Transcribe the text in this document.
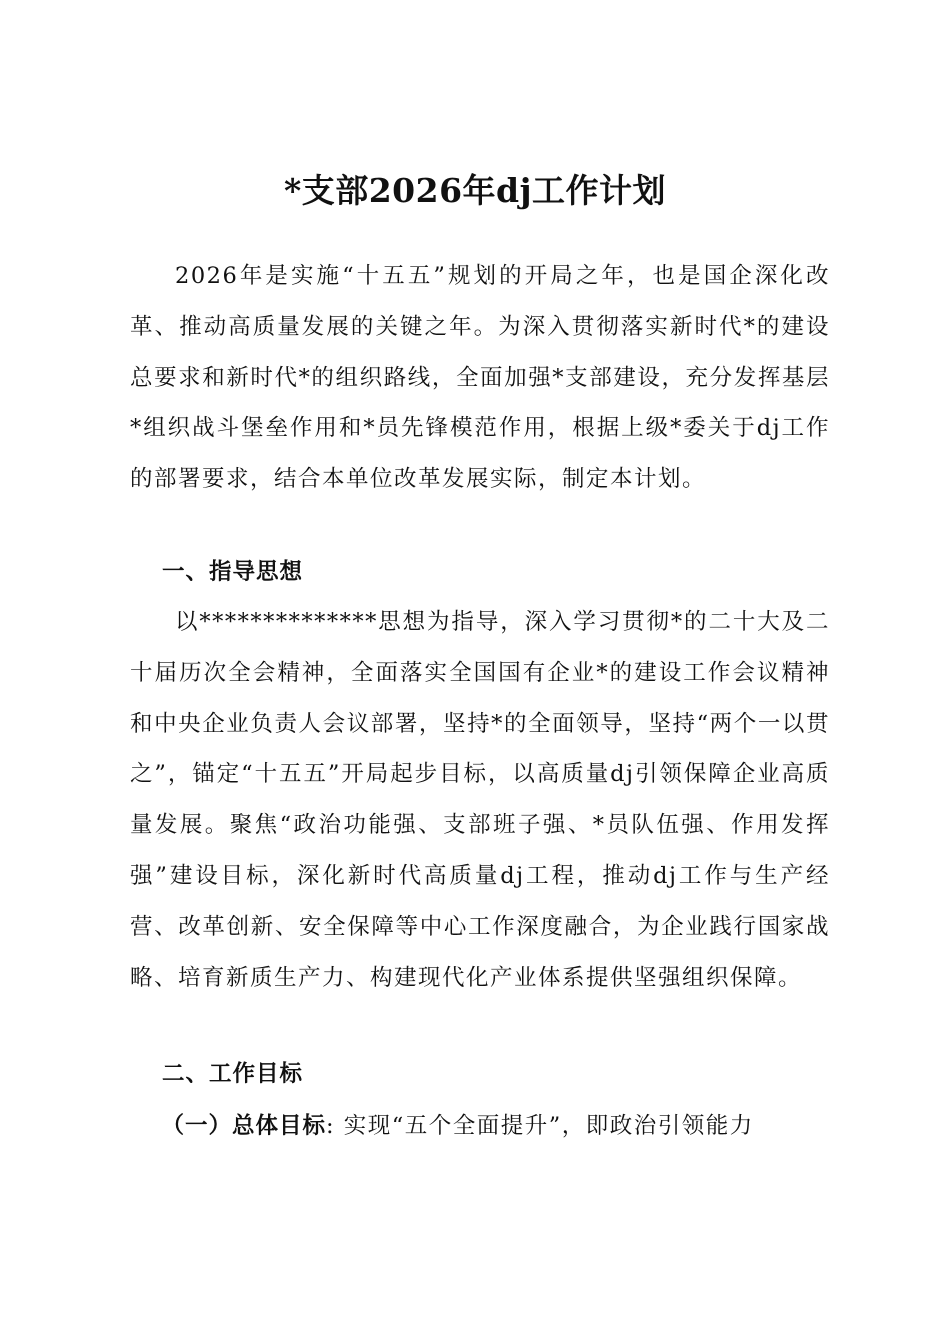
*支部2026年dj工作计划

2026年是实施“十五五”规划的开局之年，也是国企深化改革、推动高质量发展的关键之年。为深入贯彻落实新时代*的建设总要求和新时代*的组织路线，全面加强*支部建设，充分发挥基层*组织战斗堡垒作用和*员先锋模范作用，根据上级*委关于dj工作的部署要求，结合本单位改革发展实际，制定本计划。

一、指导思想

以**************思想为指导，深入学习贯彻*的二十大及二十届历次全会精神，全面落实全国国有企业*的建设工作会议精神和中央企业负责人会议部署，坚持*的全面领导，坚持“两个一以贯之”，锚定“十五五”开局起步目标，以高质量dj引领保障企业高质量发展。聚焦“政治功能强、支部班子强、*员队伍强、作用发挥强”建设目标，深化新时代高质量dj工程，推动dj工作与生产经营、改革创新、安全保障等中心工作深度融合，为企业践行国家战略、培育新质生产力、构建现代化产业体系提供坚强组织保障。

二、工作目标

（一）总体目标: 实现“五个全面提升”，即政治引领能力
